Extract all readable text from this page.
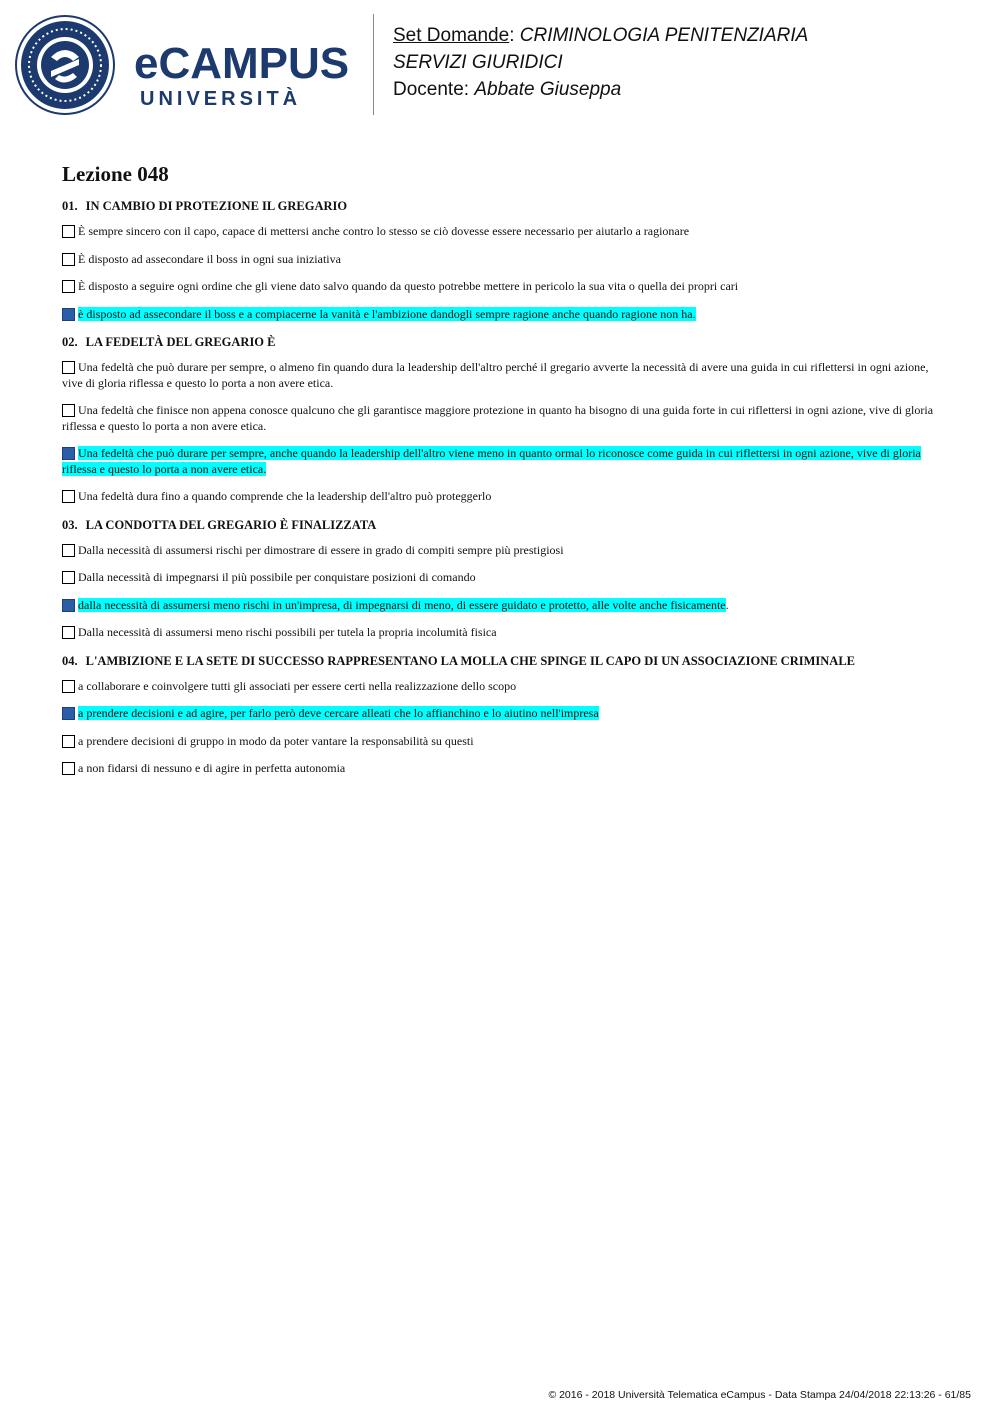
eCAMPUS
UNIVERSITÀ
Set Domande: CRIMINOLOGIA PENITENZIARIA
SERVIZI GIURIDICI
Docente: Abbate Giuseppa
Lezione 048
01. IN CAMBIO DI PROTEZIONE IL GREGARIO
È sempre sincero con il capo, capace di mettersi anche contro lo stesso se ciò dovesse essere necessario per aiutarlo a ragionare
È disposto ad assecondare il boss in ogni sua iniziativa
È disposto a seguire ogni ordine che gli viene dato salvo quando da questo potrebbe mettere in pericolo la sua vita o quella dei propri cari
è disposto ad assecondare il boss e a compiacerne la vanità e l'ambizione dandogli sempre ragione anche quando ragione non ha.
02. LA FEDELTÀ DEL GREGARIO È
Una fedeltà che può durare per sempre, o almeno fin quando dura la leadership dell'altro perché il gregario avverte la necessità di avere una guida in cui riflettersi in ogni azione, vive di gloria riflessa e questo lo porta a non avere etica.
Una fedeltà che finisce non appena conosce qualcuno che gli garantisce maggiore protezione in quanto ha bisogno di una guida forte in cui riflettersi in ogni azione, vive di gloria riflessa e questo lo porta a non avere etica.
Una fedeltà che può durare per sempre, anche quando la leadership dell'altro viene meno in quanto ormai lo riconosce come guida in cui riflettersi in ogni azione, vive di gloria riflessa e questo lo porta a non avere etica.
Una fedeltà dura fino a quando comprende che la leadership dell'altro può proteggerlo
03. LA CONDOTTA DEL GREGARIO È FINALIZZATA
Dalla necessità di assumersi rischi per dimostrare di essere in grado di compiti sempre più prestigiosi
Dalla necessità di impegnarsi il più possibile per conquistare posizioni di comando
dalla necessità di assumersi meno rischi in un'impresa, di impegnarsi di meno, di essere guidato e protetto, alle volte anche fisicamente.
Dalla necessità di assumersi meno rischi possibili per tutela la propria incolumità fisica
04. L'AMBIZIONE E LA SETE DI SUCCESSO RAPPRESENTANO LA MOLLA CHE SPINGE IL CAPO DI UN ASSOCIAZIONE CRIMINALE
a collaborare e coinvolgere tutti gli associati per essere certi nella realizzazione dello scopo
a prendere decisioni e ad agire, per farlo però deve cercare alleati che lo affianchino e lo aiutino nell'impresa
a prendere decisioni di gruppo in modo da poter vantare la responsabilità su questi
a non fidarsi di nessuno e di agire in perfetta autonomia
© 2016 - 2018 Università Telematica eCampus - Data Stampa 24/04/2018 22:13:26 - 61/85
